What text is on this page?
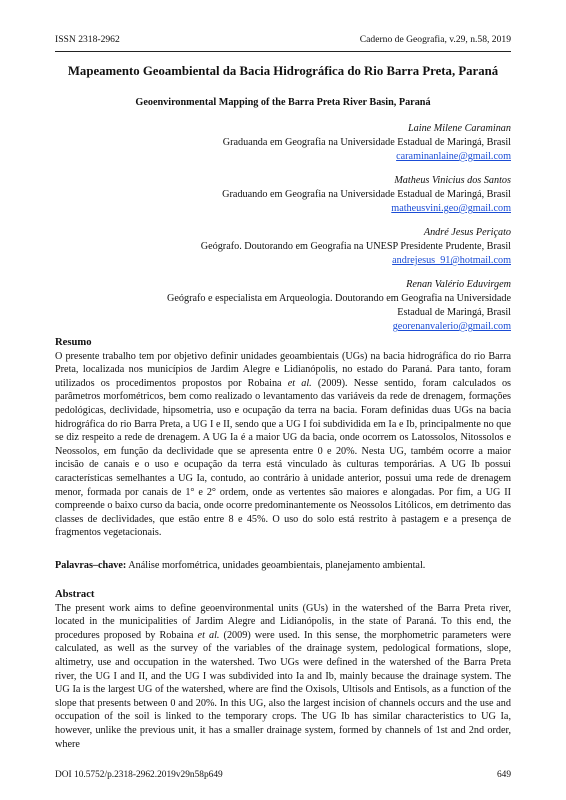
ISSN 2318-2962	Caderno de Geografia, v.29, n.58, 2019
Mapeamento Geoambiental da Bacia Hidrográfica do Rio Barra Preta, Paraná
Geoenvironmental Mapping of the Barra Preta River Basin, Paraná
Laine Milene Caraminan
Graduanda em Geografia na Universidade Estadual de Maringá, Brasil
caraminanlaine@gmail.com
Matheus Vinicius dos Santos
Graduando em Geografia na Universidade Estadual de Maringá, Brasil
matheusvini.geo@gmail.com
André Jesus Periçato
Geógrafo. Doutorando em Geografia na UNESP Presidente Prudente, Brasil
andrejesus_91@hotmail.com
Renan Valério Eduvirgem
Geógrafo e especialista em Arqueologia. Doutorando em Geografia na Universidade Estadual de Maringá, Brasil
georenanvalerio@gmail.com
Resumo

O presente trabalho tem por objetivo definir unidades geoambientais (UGs) na bacia hidrográfica do rio Barra Preta, localizada nos municípios de Jardim Alegre e Lidianópolis, no estado do Paraná. Para tanto, foram utilizados os procedimentos propostos por Robaina et al. (2009). Nesse sentido, foram calculados os parâmetros morfométricos, bem como realizado o levantamento das variáveis da rede de drenagem, formações pedológicas, declividade, hipsometria, uso e ocupação da terra na bacia. Foram definidas duas UGs na bacia hidrográfica do rio Barra Preta, a UG I e II, sendo que a UG I foi subdividida em Ia e Ib, principalmente no que se diz respeito a rede de drenagem. A UG Ia é a maior UG da bacia, onde ocorrem os Latossolos, Nitossolos e Neossolos, em função da declividade que se apresenta entre 0 e 20%. Nesta UG, também ocorre a maior incisão de canais e o uso e ocupação da terra está vinculado às culturas temporárias. A UG Ib possui características semelhantes a UG Ia, contudo, ao contrário à unidade anterior, possui uma rede de drenagem menor, formada por canais de 1° e 2° ordem, onde as vertentes são maiores e alongadas. Por fim, a UG II compreende o baixo curso da bacia, onde ocorre predominantemente os Neossolos Litólicos, em detrimento das classes de declividades, que estão entre 8 e 45%. O uso do solo está restrito à pastagem e a presença de fragmentos vegetacionais.

Palavras–chave: Análise morfométrica, unidades geoambientais, planejamento ambiental.
Abstract

The present work aims to define geoenvironmental units (GUs) in the watershed of the Barra Preta river, located in the municipalities of Jardim Alegre and Lidianópolis, in the state of Paraná. To this end, the procedures proposed by Robaina et al. (2009) were used. In this sense, the morphometric parameters were calculated, as well as the survey of the variables of the drainage system, pedological formations, slope, altimetry, use and occupation in the watershed. Two UGs were defined in the watershed of the Barra Preta river, the UG I and II, and the UG I was subdivided into Ia and Ib, mainly because the drainage system. The UG Ia is the largest UG of the watershed, where are find the Oxisols, Ultisols and Entisols, as a function of the slope that presents between 0 and 20%. In this UG, also the largest incision of channels occurs and the use and occupation of the soil is linked to the temporary crops. The UG Ib has similar characteristics to UG Ia, however, unlike the previous unit, it has a smaller drainage system, formed by channels of 1st and 2nd order, where

DOI 10.5752/p.2318-2962.2019v29n58p649	649
